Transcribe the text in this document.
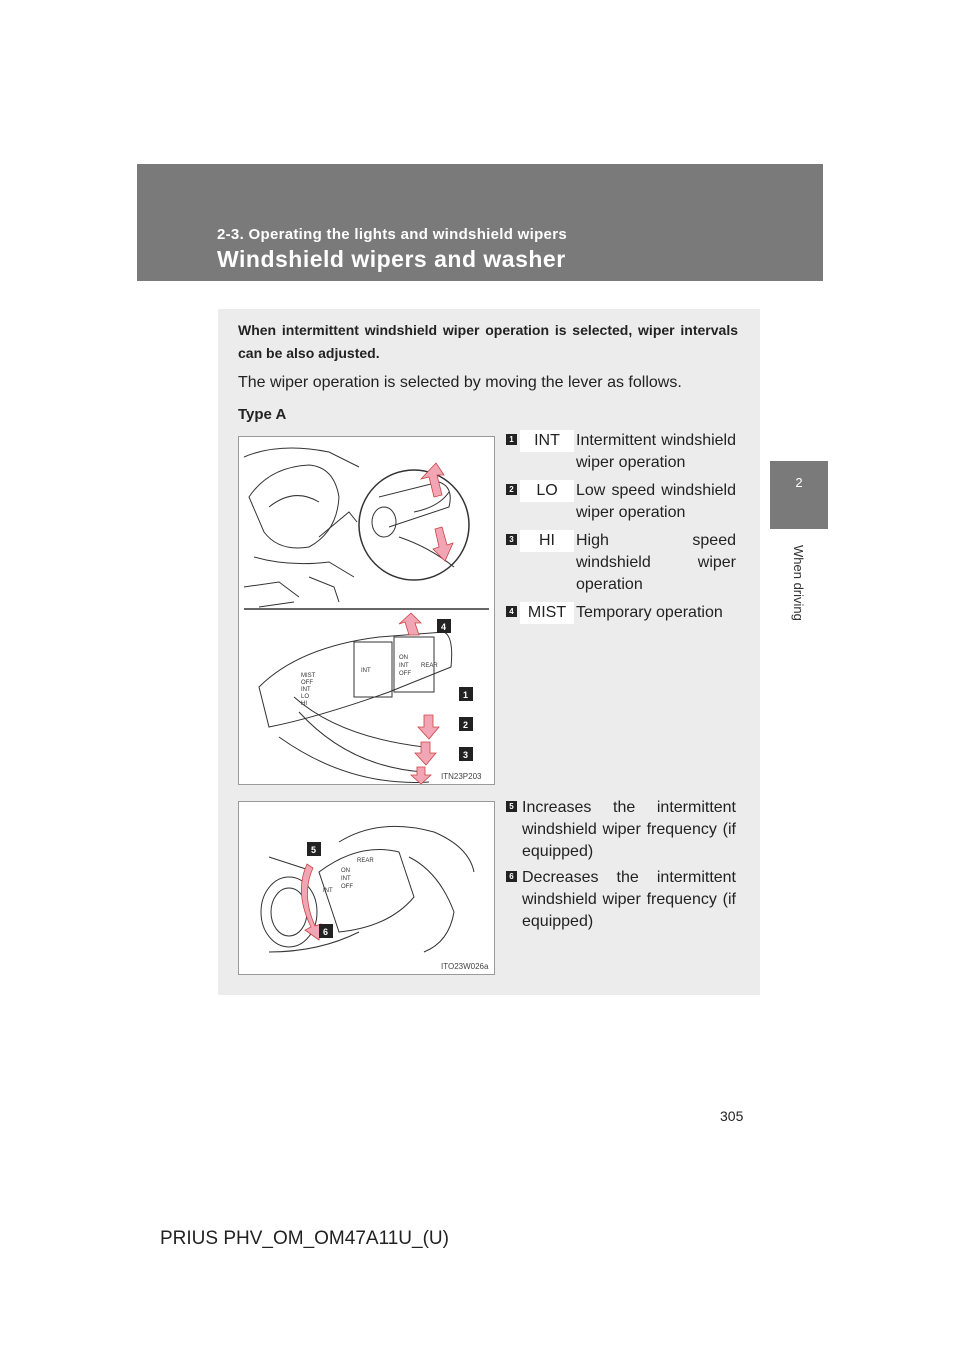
2-3. Operating the lights and windshield wipers
Windshield wipers and washer
2
When driving
When intermittent windshield wiper operation is selected, wiper intervals can be also adjusted.
The wiper operation is selected by moving the lever as follows.
Type A
MIST
OFF
INT
LO
HI
INT
ON
INT
OFF
REAR
4
1
2
3
ITN23P203
INT
ON
INT
OFF
REAR
5
6
ITO23W026a
1	INT	Intermittent windshield wiper operation
2	LO	Low speed windshield wiper operation
3	HI	High speed windshield wiper operation
4 MIST Temporary operation
5 Increases the intermittent windshield wiper frequency (if equipped)
6 Decreases the intermittent windshield wiper frequency (if equipped)
305
PRIUS PHV_OM_OM47A11U_(U)
